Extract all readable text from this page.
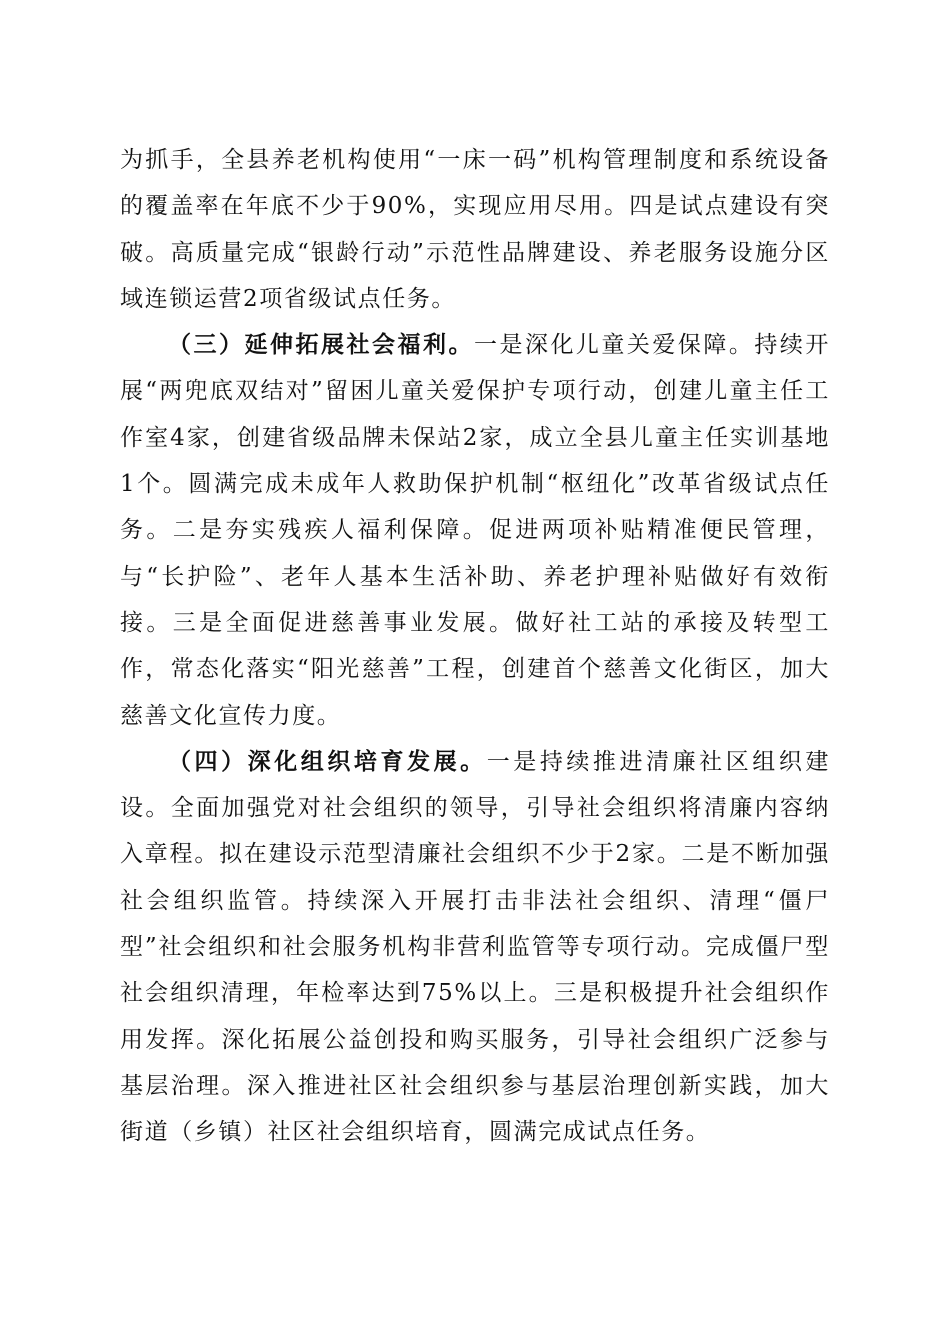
为抓手，全县养老机构使用“一床一码”机构管理制度和系统设备的覆盖率在年底不少于90%，实现应用尽用。四是试点建设有突破。高质量完成“银龄行动”示范性品牌建设、养老服务设施分区域连锁运营2项省级试点任务。

（三）延伸拓展社会福利。一是深化儿童关爱保障。持续开展“两兜底双结对”留困儿童关爱保护专项行动，创建儿童主任工作室4家，创建省级品牌未保站2家，成立全县儿童主任实训基地1个。圆满完成未成年人救助保护机制“枢纽化”改革省级试点任务。二是夯实残疾人福利保障。促进两项补贴精准便民管理，与“长护险”、老年人基本生活补助、养老护理补贴做好有效衔接。三是全面促进慈善事业发展。做好社工站的承接及转型工作，常态化落实“阳光慈善”工程，创建首个慈善文化街区，加大慈善文化宣传力度。

（四）深化组织培育发展。一是持续推进清廉社区组织建设。全面加强党对社会组织的领导，引导社会组织将清廉内容纳入章程。拟在建设示范型清廉社会组织不少于2家。二是不断加强社会组织监管。持续深入开展打击非法社会组织、清理“僵尸型”社会组织和社会服务机构非营利监管等专项行动。完成僵尸型社会组织清理，年检率达到75%以上。三是积极提升社会组织作用发挥。深化拓展公益创投和购买服务，引导社会组织广泛参与基层治理。深入推进社区社会组织参与基层治理创新实践，加大街道（乡镇）社区社会组织培育，圆满完成试点任务。
